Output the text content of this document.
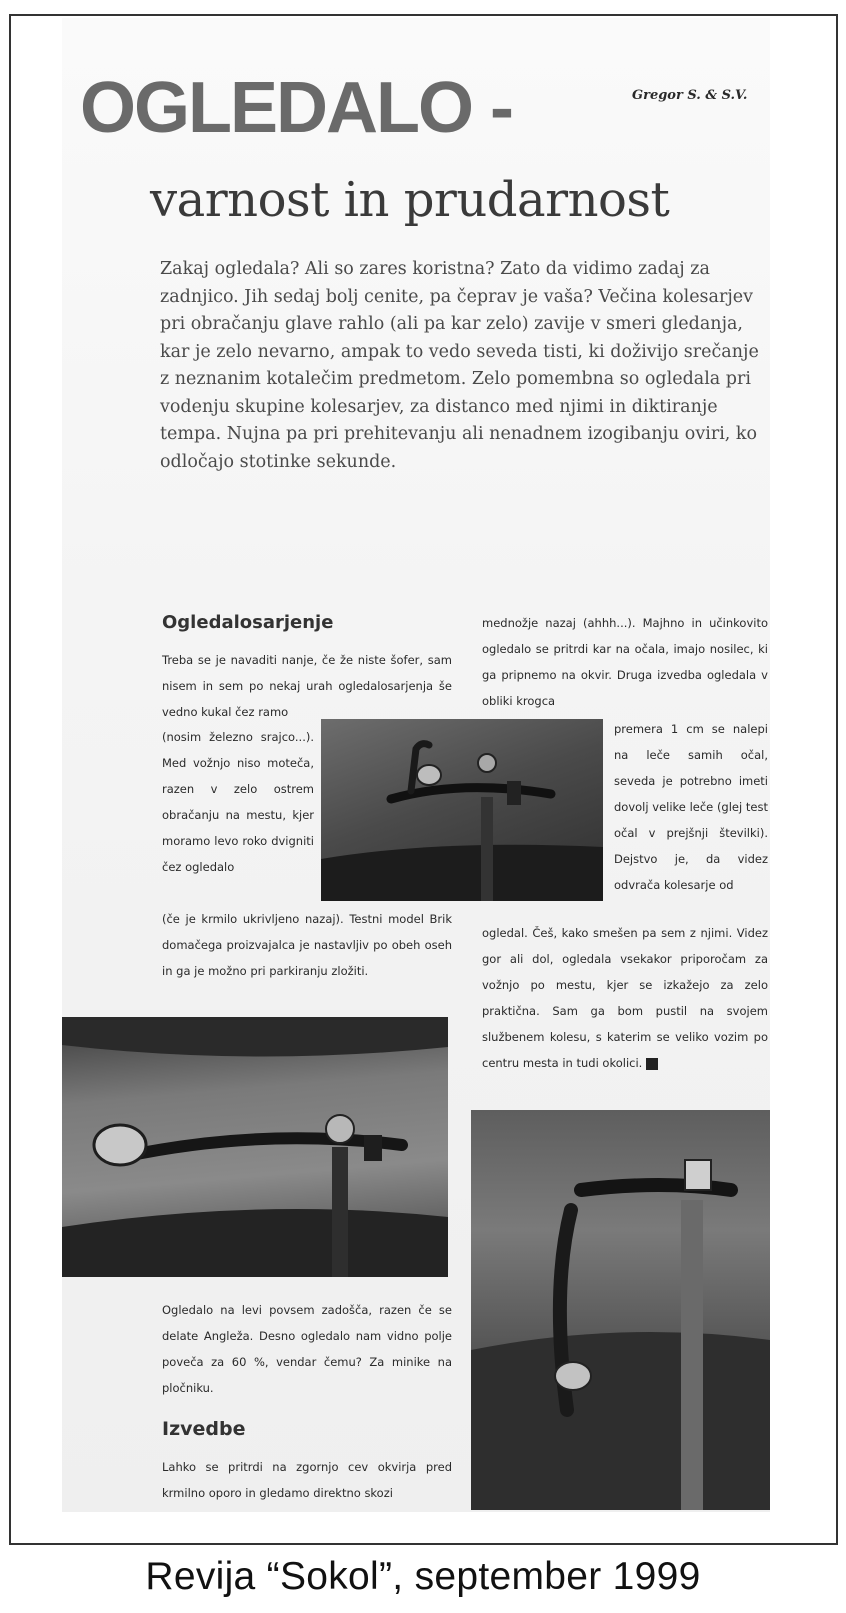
OGLEDALO -	Gregor S. & S.V.
varnost in prudarnost
Zakaj ogledala? Ali so zares koristna? Zato da vidimo zadaj za zadnjico. Jih sedaj bolj cenite, pa čeprav je vaša? Večina kolesarjev pri obračanju glave rahlo (ali pa kar zelo) zavije v smeri gledanja, kar je zelo nevarno, ampak to vedo seveda tisti, ki doživijo srečanje z neznanim kotalečim predmetom. Zelo pomembna so ogledala pri vodenju skupine kolesarjev, za distanco med njimi in diktiranje tempa. Nujna pa pri prehitevanju ali nenadnem izogibanju oviri, ko odločajo stotinke sekunde.
Ogledalosarjenje
Treba se je navaditi nanje, če že niste šofer, sam nisem in sem po nekaj urah ogledalosarjenja še vedno kukal čez ramo
(nosim železno srajco...). Med vožnjo niso moteča, razen v zelo ostrem obračanju na mestu, kjer moramo levo roko dvigniti čez ogledalo
(če je krmilo ukrivljeno nazaj). Testni model Brik domačega proizvajalca je nastavljiv po obeh oseh in ga je možno pri parkiranju zložiti.
mednožje nazaj (ahhh...). Majhno in učinkovito ogledalo se pritrdi kar na očala, imajo nosilec, ki ga pripnemo na okvir. Druga izvedba ogledala v obliki krogca
premera 1 cm se nalepi na leče samih očal, seveda je potrebno imeti dovolj velike leče (glej test očal v prejšnji številki). Dejstvo je, da videz odvrača kolesarje od
ogledal. Češ, kako smešen pa sem z njimi. Videz gor ali dol, ogledala vsekakor priporočam za vožnjo po mestu, kjer se izkažejo za zelo praktična. Sam ga bom pustil na svojem službenem kolesu, s katerim se veliko vozim po centru mesta in tudi okolici.
Ogledalo na levi povsem zadošča, razen če se delate Angleža. Desno ogledalo nam vidno polje poveča za 60 %, vendar čemu? Za minike na pločniku.
Izvedbe
Lahko se pritrdi na zgornjo cev okvirja pred krmilno oporo in gledamo direktno skozi
Revija “Sokol”, september 1999
